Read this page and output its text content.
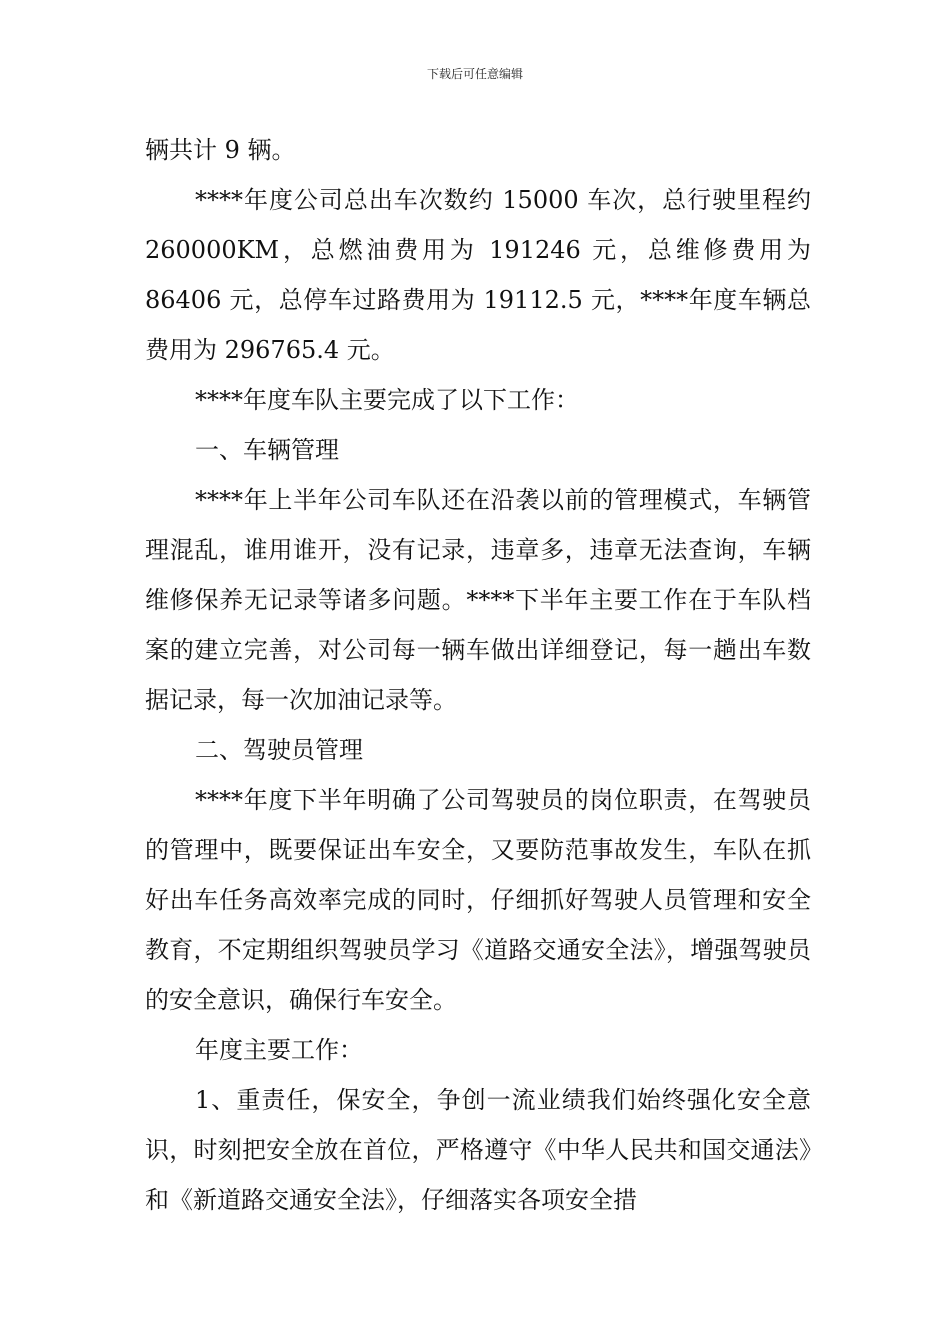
下载后可任意编辑

辆共计 9 辆。

****年度公司总出车次数约 15000 车次，总行驶里程约 260000KM，总燃油费用为 191246 元，总维修费用为 86406 元，总停车过路费用为 19112.5 元，****年度车辆总费用为 296765.4 元。

****年度车队主要完成了以下工作：

一、车辆管理

****年上半年公司车队还在沿袭以前的管理模式，车辆管理混乱，谁用谁开，没有记录，违章多，违章无法查询，车辆维修保养无记录等诸多问题。****下半年主要工作在于车队档案的建立完善，对公司每一辆车做出详细登记，每一趟出车数据记录，每一次加油记录等。

二、驾驶员管理

****年度下半年明确了公司驾驶员的岗位职责，在驾驶员的管理中，既要保证出车安全，又要防范事故发生，车队在抓好出车任务高效率完成的同时，仔细抓好驾驶人员管理和安全教育，不定期组织驾驶员学习《道路交通安全法》，增强驾驶员的安全意识，确保行车安全。

年度主要工作：

1、重责任，保安全，争创一流业绩我们始终强化安全意识，时刻把安全放在首位，严格遵守《中华人民共和国交通法》和《新道路交通安全法》，仔细落实各项安全措
